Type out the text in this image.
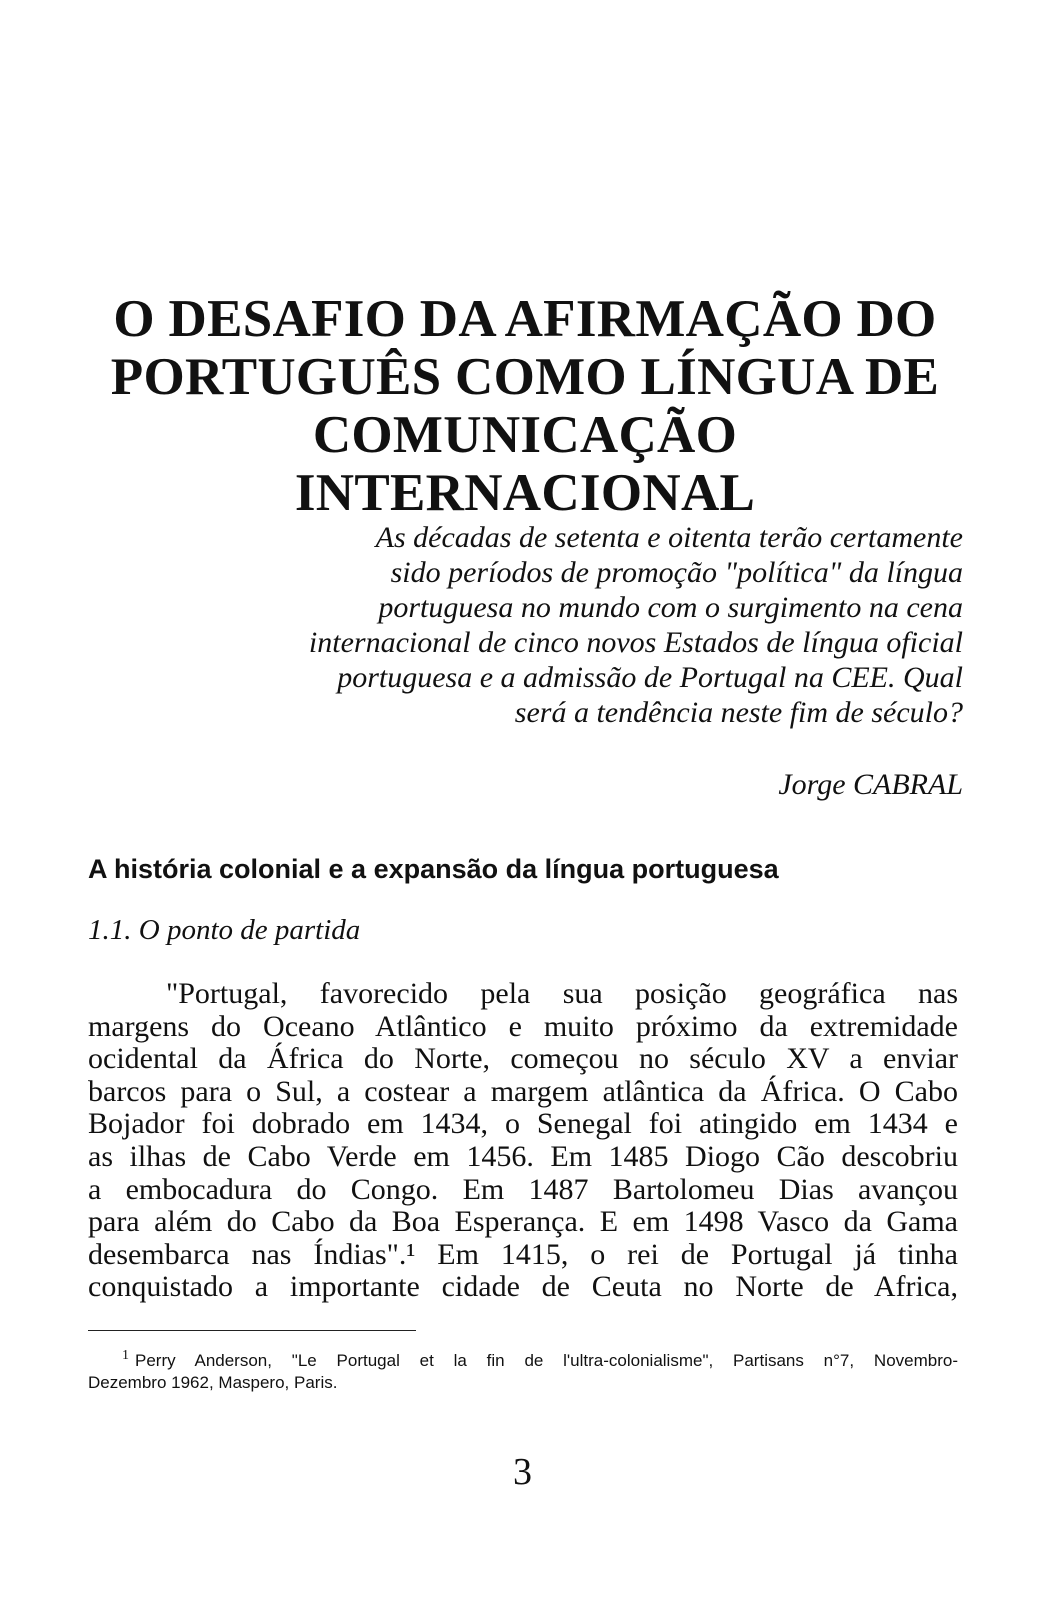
O DESAFIO DA AFIRMAÇÃO DO
PORTUGUÊS COMO LÍNGUA DE
COMUNICAÇÃO INTERNACIONAL
As décadas de setenta e oitenta terão certamente
sido períodos de promoção "política" da língua
portuguesa no mundo com o surgimento na cena
internacional de cinco novos Estados de língua oficial
portuguesa e a admissão de Portugal na CEE. Qual
será a tendência neste fim de século?
Jorge CABRAL
A história colonial e a expansão da língua portuguesa
1.1. O ponto de partida
"Portugal, favorecido pela sua posição geográfica nas
margens do Oceano Atlântico e muito próximo da extremidade
ocidental da África do Norte, começou no século XV a enviar
barcos para o Sul, a costear a margem atlântica da África. O Cabo
Bojador foi dobrado em 1434, o Senegal foi atingido em 1434 e
as ilhas de Cabo Verde em 1456. Em 1485 Diogo Cão descobriu
a embocadura do Congo. Em 1487 Bartolomeu Dias avançou
para além do Cabo da Boa Esperança. E em 1498 Vasco da Gama
desembarca nas Índias".¹ Em 1415, o rei de Portugal já tinha
conquistado a importante cidade de Ceuta no Norte de Africa,
$^1$ Perry Anderson, "Le Portugal et la fin de l'ultra-colonialisme", Partisans n°7, Novembro-
Dezembro 1962, Maspero, Paris.
3
